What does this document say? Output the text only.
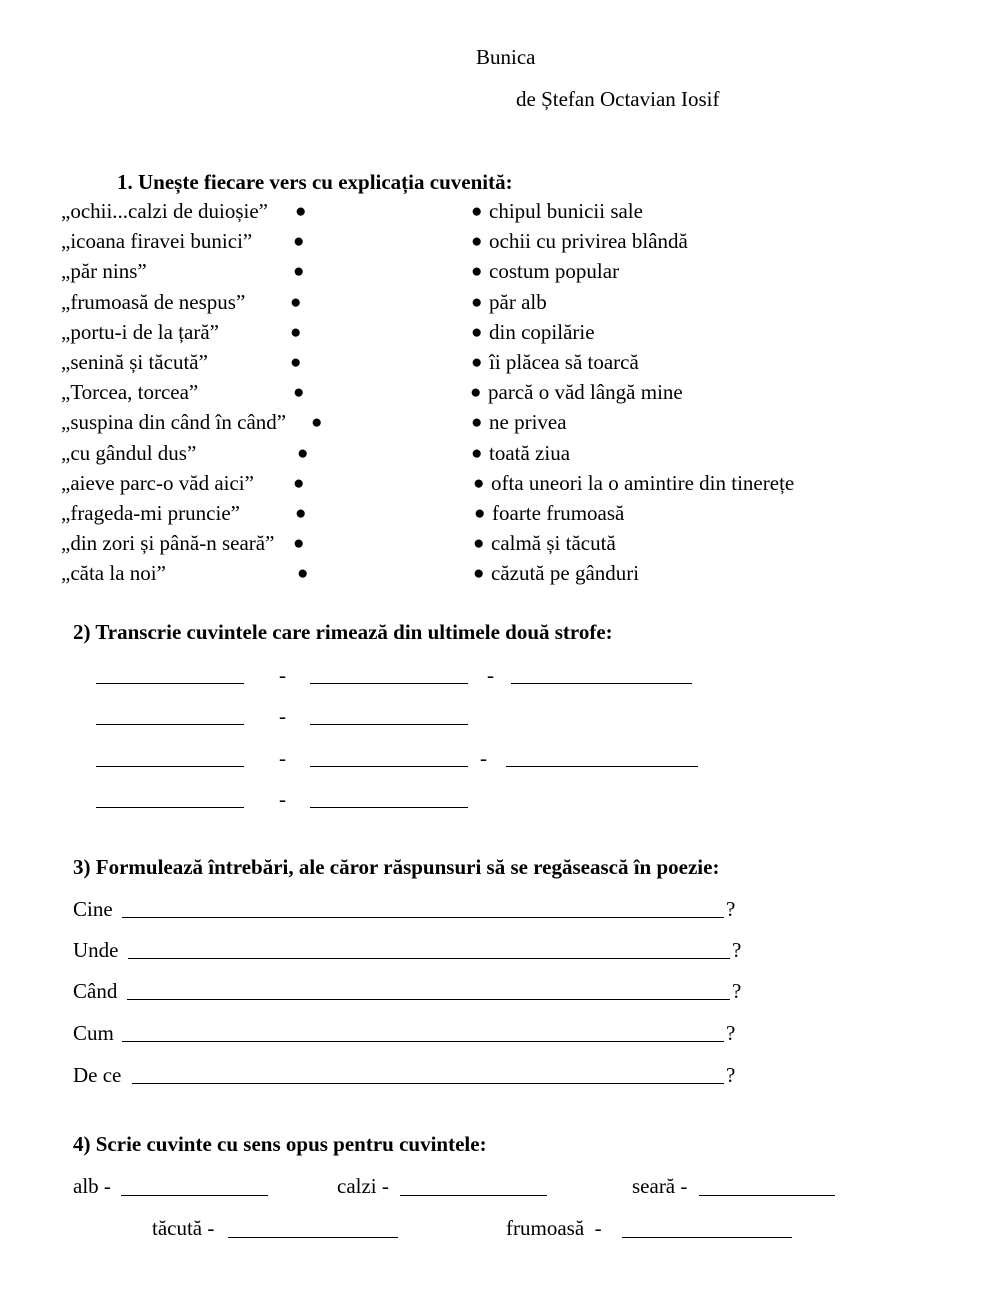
Bunica
de Ștefan Octavian Iosif
1. Unește fiecare vers cu explicația cuvenită:
„ochii...calzi de duioșie” ●	● chipul bunicii sale
„icoana firavei bunici” ●	● ochii cu privirea blândă
„păr nins”	●	● costum popular
„frumoasă de nespus” ●	● păr alb
„portu-i de la țară”	●	● din copilărie
„senină și tăcută”	●	● îi plăcea să toarcă
„Torcea, torcea”	●	● parcă o văd lângă mine
„suspina din când în când” ●	● ne privea
„cu gândul dus”	●	● toată ziua
„aieve parc-o văd aici” ●	● ofta uneori la o amintire din tinerețe
„frageda-mi pruncie”	●	● foarte frumoasă
„din zori și până-n seară” ●	● calmă și tăcută
„căta la noi”	●	● căzută pe gânduri
2) Transcrie cuvintele care rimează din ultimele două strofe:
-	-
-
-	-
-
3) Formulează întrebări, ale căror răspunsuri să se regăsească în poezie:
Cine	?
Unde	?
Când	?
Cum	?
De ce	?
4) Scrie cuvinte cu sens opus pentru cuvintele:
alb -	calzi -	seară -
tăcută -	frumoasă  -
